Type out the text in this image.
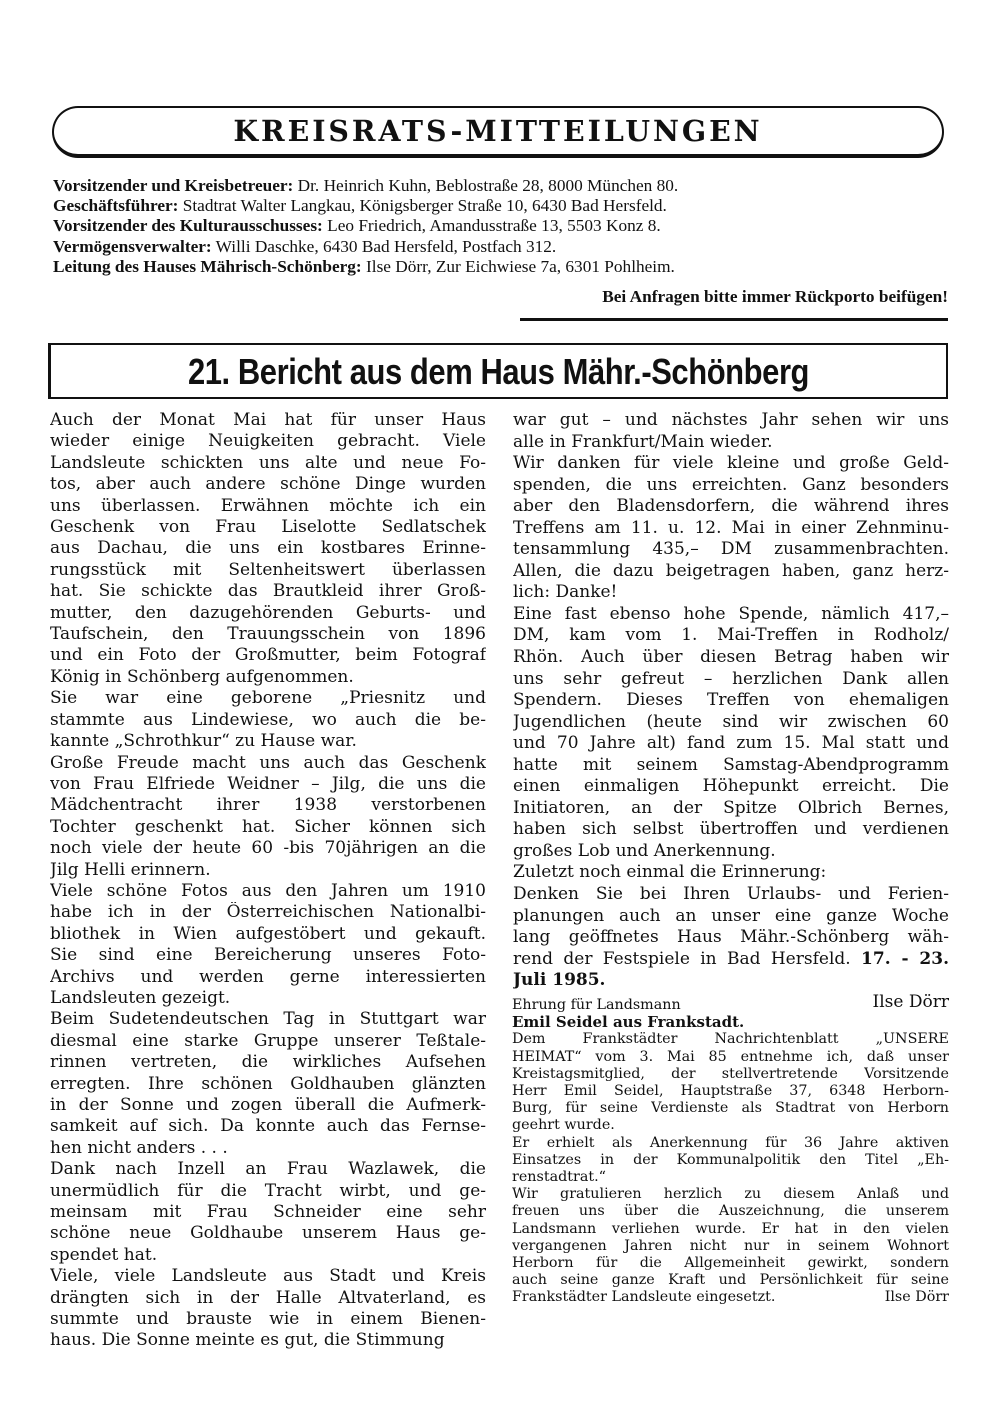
KREISRATS-MITTEILUNGEN
Vorsitzender und Kreisbetreuer: Dr. Heinrich Kuhn, Beblostraße 28, 8000 München 80.
Geschäftsführer: Stadtrat Walter Langkau, Königsberger Straße 10, 6430 Bad Hersfeld.
Vorsitzender des Kulturausschusses: Leo Friedrich, Amandusstraße 13, 5503 Konz 8.
Vermögensverwalter: Willi Daschke, 6430 Bad Hersfeld, Postfach 312.
Leitung des Hauses Mährisch-Schönberg: Ilse Dörr, Zur Eichwiese 7a, 6301 Pohlheim.
Bei Anfragen bitte immer Rückporto beifügen!
21. Bericht aus dem Haus Mähr.-Schönberg
Auch der Monat Mai hat für unser Haus
wieder einige Neuigkeiten gebracht. Viele
Landsleute schickten uns alte und neue Fo-
tos, aber auch andere schöne Dinge wurden
uns überlassen. Erwähnen möchte ich ein
Geschenk von Frau Liselotte Sedlatschek
aus Dachau, die uns ein kostbares Erinne-
rungsstück mit Seltenheitswert überlassen
hat. Sie schickte das Brautkleid ihrer Groß-
mutter, den dazugehörenden Geburts- und
Taufschein, den Trauungsschein von 1896
und ein Foto der Großmutter, beim Fotograf
König in Schönberg aufgenommen.
Sie war eine geborene „Priesnitz und
stammte aus Lindewiese, wo auch die be-
kannte „Schrothkur“ zu Hause war.
Große Freude macht uns auch das Geschenk
von Frau Elfriede Weidner – Jilg, die uns die
Mädchentracht ihrer 1938 verstorbenen
Tochter geschenkt hat. Sicher können sich
noch viele der heute 60 -bis 70jährigen an die
Jilg Helli erinnern.
Viele schöne Fotos aus den Jahren um 1910
habe ich in der Österreichischen Nationalbi-
bliothek in Wien aufgestöbert und gekauft.
Sie sind eine Bereicherung unseres Foto-
Archivs und werden gerne interessierten
Landsleuten gezeigt.
Beim Sudetendeutschen Tag in Stuttgart war
diesmal eine starke Gruppe unserer Teßtale-
rinnen vertreten, die wirkliches Aufsehen
erregten. Ihre schönen Goldhauben glänzten
in der Sonne und zogen überall die Aufmerk-
samkeit auf sich. Da konnte auch das Fernse-
hen nicht anders . . .
Dank nach Inzell an Frau Wazlawek, die
unermüdlich für die Tracht wirbt, und ge-
meinsam mit Frau Schneider eine sehr
schöne neue Goldhaube unserem Haus ge-
spendet hat.
Viele, viele Landsleute aus Stadt und Kreis
drängten sich in der Halle Altvaterland, es
summte und brauste wie in einem Bienen-
haus. Die Sonne meinte es gut, die Stimmung
war gut – und nächstes Jahr sehen wir uns
alle in Frankfurt/Main wieder.
Wir danken für viele kleine und große Geld-
spenden, die uns erreichten. Ganz besonders
aber den Bladensdorfern, die während ihres
Treffens am 11. u. 12. Mai in einer Zehnminu-
tensammlung 435,– DM zusammenbrachten.
Allen, die dazu beigetragen haben, ganz herz-
lich: Danke!
Eine fast ebenso hohe Spende, nämlich 417,–
DM, kam vom 1. Mai-Treffen in Rodholz/
Rhön. Auch über diesen Betrag haben wir
uns sehr gefreut – herzlichen Dank allen
Spendern. Dieses Treffen von ehemaligen
Jugendlichen (heute sind wir zwischen 60
und 70 Jahre alt) fand zum 15. Mal statt und
hatte mit seinem Samstag-Abendprogramm
einen einmaligen Höhepunkt erreicht. Die
Initiatoren, an der Spitze Olbrich Bernes,
haben sich selbst übertroffen und verdienen
großes Lob und Anerkennung.
Zuletzt noch einmal die Erinnerung:
Denken Sie bei Ihren Urlaubs- und Ferien-
planungen auch an unser eine ganze Woche
lang geöffnetes Haus Mähr.-Schönberg wäh-
rend der Festspiele in Bad Hersfeld. 17. - 23.
Juli 1985.
Ilse Dörr
Ehrung für Landsmann
Emil Seidel aus Frankstadt.
Dem Frankstädter Nachrichtenblatt „UNSERE
HEIMAT“ vom 3. Mai 85 entnehme ich, daß unser
Kreistagsmitglied, der stellvertretende Vorsitzende
Herr Emil Seidel, Hauptstraße 37, 6348 Herborn-
Burg, für seine Verdienste als Stadtrat von Herborn
geehrt wurde.
Er erhielt als Anerkennung für 36 Jahre aktiven
Einsatzes in der Kommunalpolitik den Titel „Eh-
renstadtrat.“
Wir gratulieren herzlich zu diesem Anlaß und
freuen uns über die Auszeichnung, die unserem
Landsmann verliehen wurde. Er hat in den vielen
vergangenen Jahren nicht nur in seinem Wohnort
Herborn für die Allgemeinheit gewirkt, sondern
auch seine ganze Kraft und Persönlichkeit für seine
Frankstädter Landsleute eingesetzt.	Ilse Dörr
